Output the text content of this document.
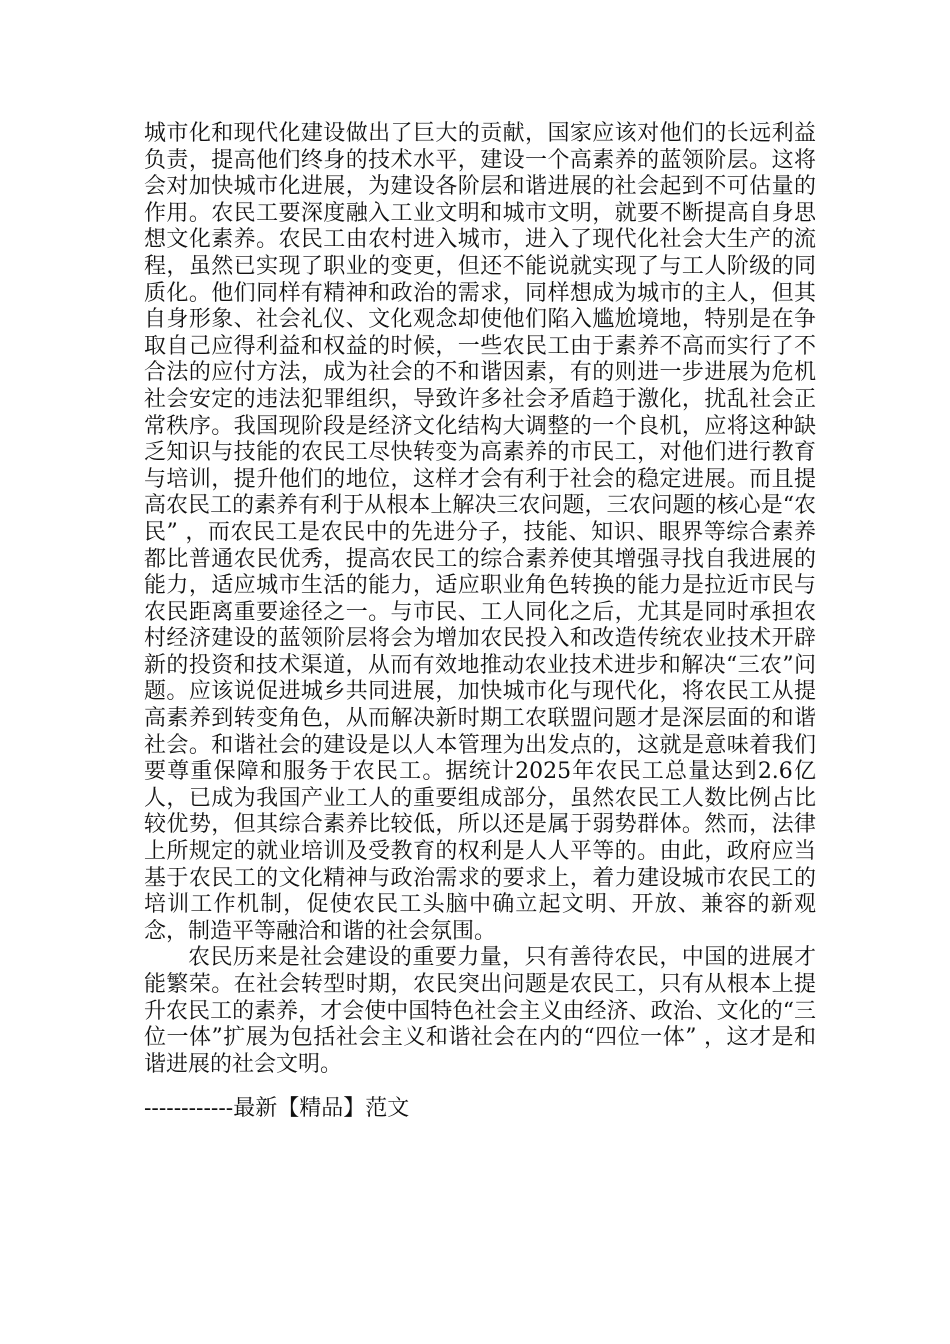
城市化和现代化建设做出了巨大的贡献，国家应该对他们的长远利益负责，提高他们终身的技术水平，建设一个高素养的蓝领阶层。这将会对加快城市化进展，为建设各阶层和谐进展的社会起到不可估量的作用。农民工要深度融入工业文明和城市文明，就要不断提高自身思想文化素养。农民工由农村进入城市，进入了现代化社会大生产的流程，虽然已实现了职业的变更，但还不能说就实现了与工人阶级的同质化。他们同样有精神和政治的需求，同样想成为城市的主人，但其自身形象、社会礼仪、文化观念却使他们陷入尴尬境地，特别是在争取自己应得利益和权益的时候，一些农民工由于素养不高而实行了不合法的应付方法，成为社会的不和谐因素，有的则进一步进展为危机社会安定的违法犯罪组织，导致许多社会矛盾趋于激化，扰乱社会正常秩序。我国现阶段是经济文化结构大调整的一个良机，应将这种缺乏知识与技能的农民工尽快转变为高素养的市民工，对他们进行教育与培训，提升他们的地位，这样才会有利于社会的稳定进展。而且提高农民工的素养有利于从根本上解决三农问题，三农问题的核心是“农民” ，而农民工是农民中的先进分子，技能、知识、眼界等综合素养都比普通农民优秀，提高农民工的综合素养使其增强寻找自我进展的能力，适应城市生活的能力，适应职业角色转换的能力是拉近市民与农民距离重要途径之一。与市民、工人同化之后，尤其是同时承担农村经济建设的蓝领阶层将会为增加农民投入和改造传统农业技术开辟新的投资和技术渠道，从而有效地推动农业技术进步和解决“三农”问题。应该说促进城乡共同进展，加快城市化与现代化，将农民工从提高素养到转变角色，从而解决新时期工农联盟问题才是深层面的和谐社会。和谐社会的建设是以人本管理为出发点的，这就是意味着我们要尊重保障和服务于农民工。据统计2025年农民工总量达到2.6亿人，已成为我国产业工人的重要组成部分，虽然农民工人数比例占比较优势，但其综合素养比较低，所以还是属于弱势群体。然而，法律上所规定的就业培训及受教育的权利是人人平等的。由此，政府应当基于农民工的文化精神与政治需求的要求上，着力建设城市农民工的培训工作机制，促使农民工头脑中确立起文明、开放、兼容的新观念，制造平等融洽和谐的社会氛围。

农民历来是社会建设的重要力量，只有善待农民，中国的进展才能繁荣。在社会转型时期，农民突出问题是农民工，只有从根本上提升农民工的素养，才会使中国特色社会主义由经济、政治、文化的“三位一体”扩展为包括社会主义和谐社会在内的“四位一体” ，这才是和谐进展的社会文明。

------------最新【精品】范文
